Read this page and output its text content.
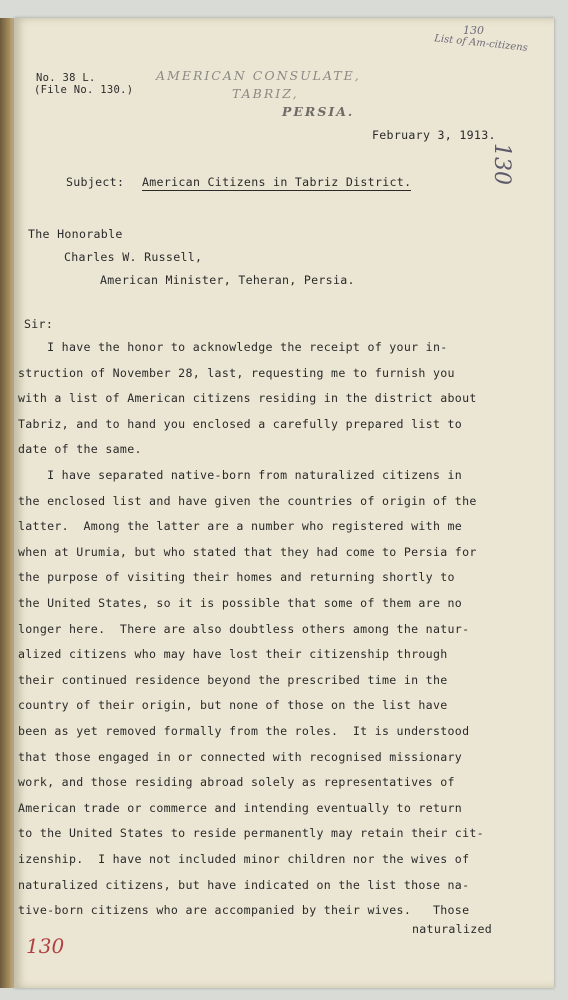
130
List of Am-citizens
No. 38 L.
(File No. 130.)
AMERICAN CONSULATE,
TABRIZ,
PERSIA.
February 3, 1913.
130
Subject: American Citizens in Tabriz District.
The Honorable
Charles W. Russell,
American Minister, Teheran, Persia.
Sir:
I have the honor to acknowledge the receipt of your in-
struction of November 28, last, requesting me to furnish you
with a list of American citizens residing in the district about
Tabriz, and to hand you enclosed a carefully prepared list to
date of the same.
I have separated native-born from naturalized citizens in
the enclosed list and have given the countries of origin of the
latter.  Among the latter are a number who registered with me
when at Urumia, but who stated that they had come to Persia for
the purpose of visiting their homes and returning shortly to
the United States, so it is possible that some of them are no
longer here.  There are also doubtless others among the natur-
alized citizens who may have lost their citizenship through
their continued residence beyond the prescribed time in the
country of their origin, but none of those on the list have
been as yet removed formally from the roles.  It is understood
that those engaged in or connected with recognised missionary
work, and those residing abroad solely as representatives of
American trade or commerce and intending eventually to return
to the United States to reside permanently may retain their cit-
izenship.  I have not included minor children nor the wives of
naturalized citizens, but have indicated on the list those na-
tive-born citizens who are accompanied by their wives.   Those
naturalized
130
